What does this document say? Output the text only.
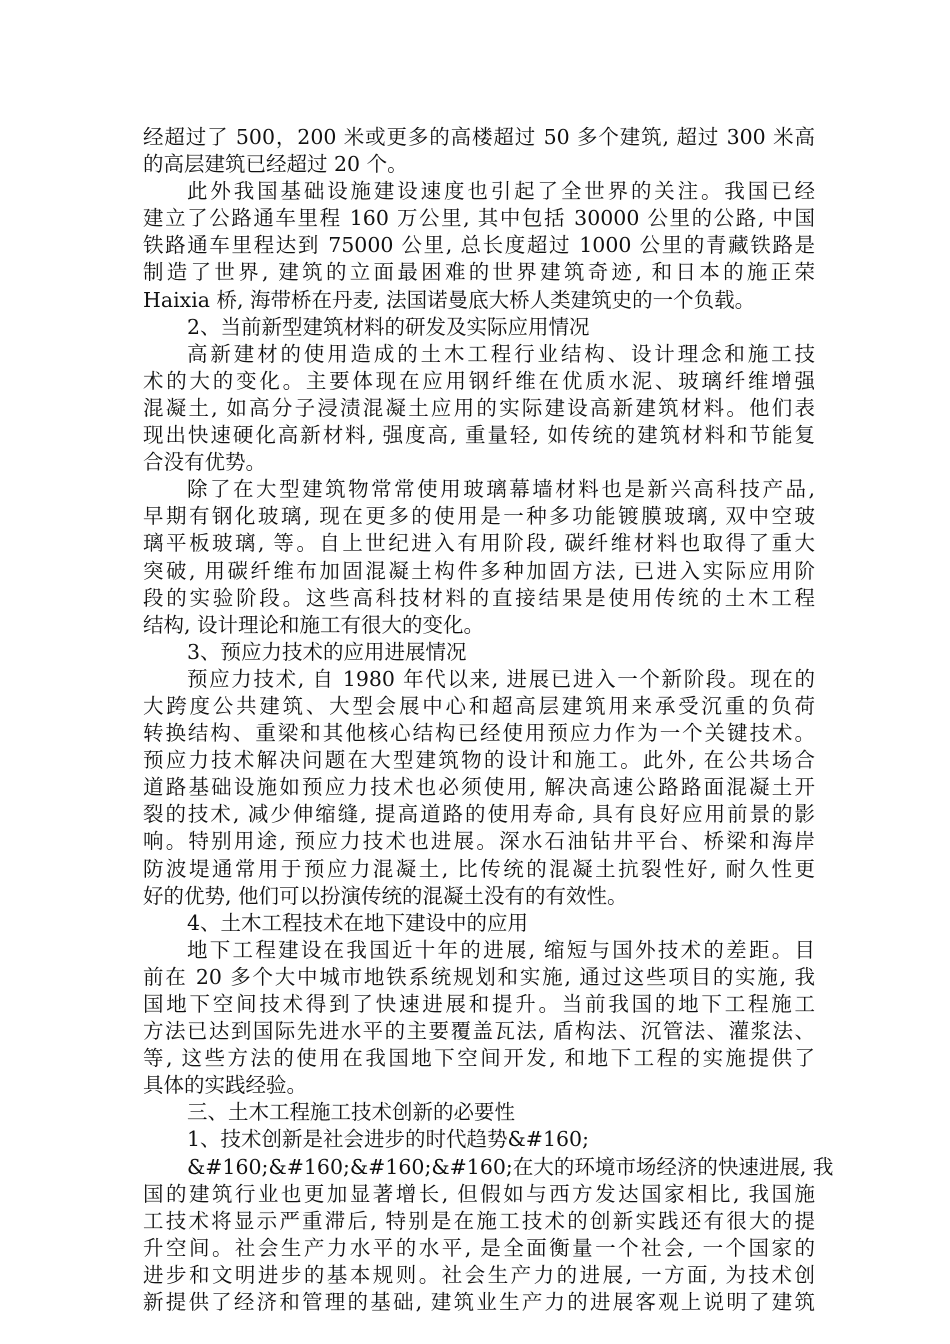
经超过了 500，200 米或更多的高楼超过 50 多个建筑, 超过 300 米高
的高层建筑已经超过 20 个。
此外我国基础设施建设速度也引起了全世界的关注。我国已经
建立了公路通车里程 160 万公里, 其中包括 30000 公里的公路, 中国
铁路通车里程达到 75000 公里, 总长度超过 1000 公里的青藏铁路是
制造了世界, 建筑的立面最困难的世界建筑奇迹, 和日本的施正荣
Haixia 桥, 海带桥在丹麦, 法国诺曼底大桥人类建筑史的一个负载。
2、当前新型建筑材料的研发及实际应用情况
高新建材的使用造成的土木工程行业结构、设计理念和施工技
术的大的变化。主要体现在应用钢纤维在优质水泥、玻璃纤维增强
混凝土, 如高分子浸渍混凝土应用的实际建设高新建筑材料。他们表
现出快速硬化高新材料, 强度高, 重量轻, 如传统的建筑材料和节能复
合没有优势。
除了在大型建筑物常常使用玻璃幕墙材料也是新兴高科技产品,
早期有钢化玻璃, 现在更多的使用是一种多功能镀膜玻璃, 双中空玻
璃平板玻璃, 等。自上世纪进入有用阶段, 碳纤维材料也取得了重大
突破, 用碳纤维布加固混凝土构件多种加固方法, 已进入实际应用阶
段的实验阶段。这些高科技材料的直接结果是使用传统的土木工程
结构, 设计理论和施工有很大的变化。
3、预应力技术的应用进展情况
预应力技术, 自 1980 年代以来, 进展已进入一个新阶段。现在的
大跨度公共建筑、大型会展中心和超高层建筑用来承受沉重的负荷
转换结构、重梁和其他核心结构已经使用预应力作为一个关键技术。
预应力技术解决问题在大型建筑物的设计和施工。此外, 在公共场合
道路基础设施如预应力技术也必须使用, 解决高速公路路面混凝土开
裂的技术, 减少伸缩缝, 提高道路的使用寿命, 具有良好应用前景的影
响。特别用途, 预应力技术也进展。深水石油钻井平台、桥梁和海岸
防波堤通常用于预应力混凝土, 比传统的混凝土抗裂性好, 耐久性更
好的优势, 他们可以扮演传统的混凝土没有的有效性。
4、土木工程技术在地下建设中的应用
地下工程建设在我国近十年的进展, 缩短与国外技术的差距。目
前在 20 多个大中城市地铁系统规划和实施, 通过这些项目的实施, 我
国地下空间技术得到了快速进展和提升。当前我国的地下工程施工
方法已达到国际先进水平的主要覆盖瓦法, 盾构法、沉管法、灌浆法、
等, 这些方法的使用在我国地下空间开发, 和地下工程的实施提供了
具体的实践经验。
三、土木工程施工技术创新的必要性
1、技术创新是社会进步的时代趋势&#160;
&#160;&#160;&#160;&#160;在大的环境市场经济的快速进展, 我
国的建筑行业也更加显著增长, 但假如与西方发达国家相比, 我国施
工技术将显示严重滞后, 特别是在施工技术的创新实践还有很大的提
升空间。社会生产力水平的水平, 是全面衡量一个社会, 一个国家的
进步和文明进步的基本规则。社会生产力的进展, 一方面, 为技术创
新提供了经济和管理的基础, 建筑业生产力的进展客观上说明了建筑
